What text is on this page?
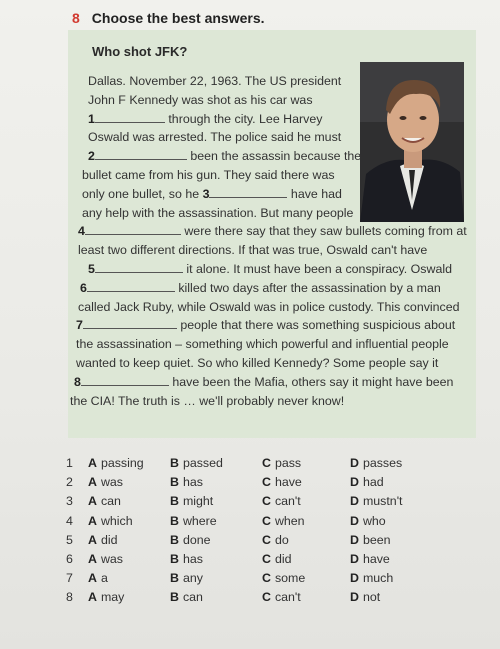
8 Choose the best answers.
Who shot JFK?
Dallas. November 22, 1963. The US president
John F Kennedy was shot as his car was
1	through the city. Lee Harvey
Oswald was arrested. The police said he must
2	been the assassin because the
bullet came from his gun. They said there was
only one bullet, so he 3	have had
any help with the assassination. But many people
4	were there say that they saw bullets coming from at
least two different directions. If that was true, Oswald can't have
5	it alone. It must have been a conspiracy. Oswald
6	killed two days after the assassination by a man
called Jack Ruby, while Oswald was in police custody. This convinced
7	people that there was something suspicious about
the assassination – something which powerful and influential people
wanted to keep quiet. So who killed Kennedy? Some people say it
8	have been the Mafia, others say it might have been
the CIA! The truth is … we'll probably never know!
1 A passing B passed	C pass	D passes
2 A was	B has	C have	D had
3 A can	B might	C can't	D mustn't
4 A which	B where	C when	D who
5 A did	B done	C do	D been
6 A was	B has	C did	D have
7 A a	B any	C some	D much
8 A may	B can	C can't	D not
